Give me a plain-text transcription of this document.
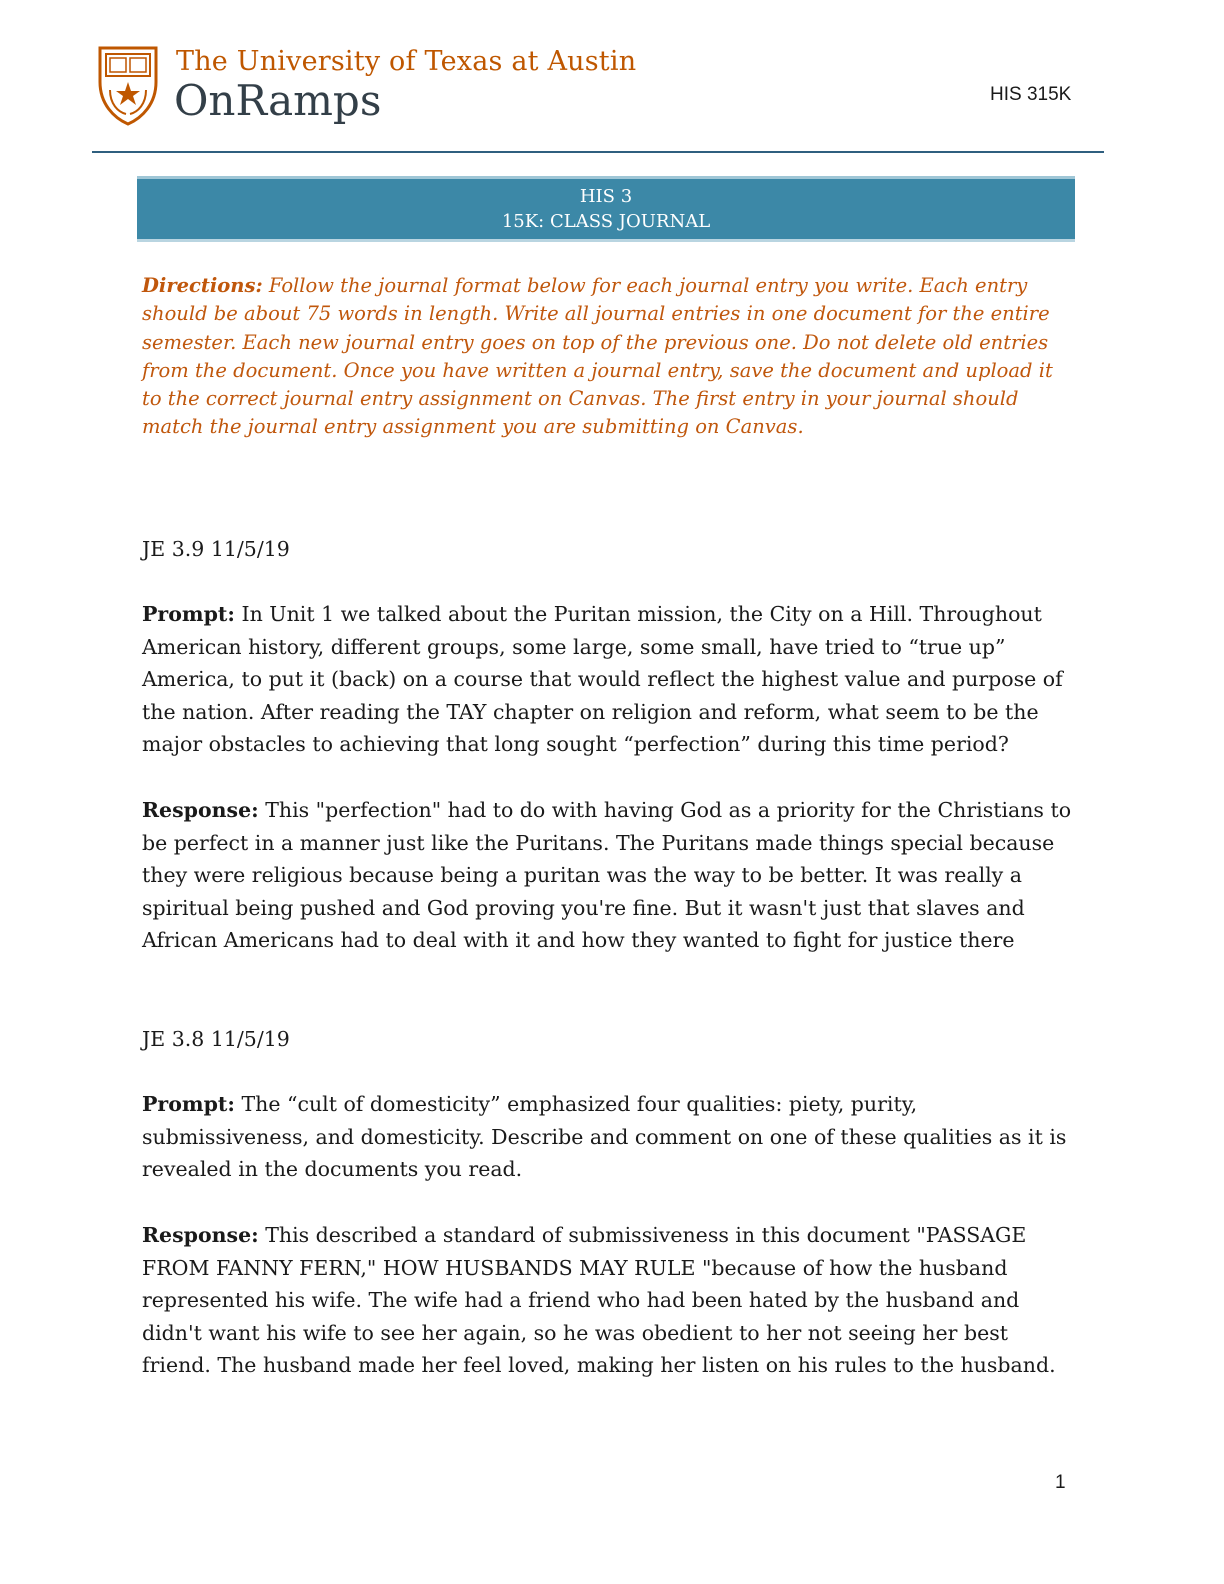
The University of Texas at Austin
OnRamps	HIS 315K
HIS 3
15K: CLASS JOURNAL
Directions: Follow the journal format below for each journal entry you write. Each entry should be about 75 words in length. Write all journal entries in one document for the entire semester. Each new journal entry goes on top of the previous one. Do not delete old entries from the document. Once you have written a journal entry, save the document and upload it to the correct journal entry assignment on Canvas. The first entry in your journal should match the journal entry assignment you are submitting on Canvas.
JE 3.9 11/5/19
Prompt: In Unit 1 we talked about the Puritan mission, the City on a Hill. Throughout American history, different groups, some large, some small, have tried to “true up” America, to put it (back) on a course that would reflect the highest value and purpose of the nation. After reading the TAY chapter on religion and reform, what seem to be the major obstacles to achieving that long sought “perfection” during this time period?
Response: This "perfection" had to do with having God as a priority for the Christians to be perfect in a manner just like the Puritans. The Puritans made things special because they were religious because being a puritan was the way to be better. It was really a spiritual being pushed and God proving you're fine. But it wasn't just that slaves and African Americans had to deal with it and how they wanted to fight for justice there
JE 3.8 11/5/19
Prompt: The “cult of domesticity” emphasized four qualities: piety, purity, submissiveness, and domesticity. Describe and comment on one of these qualities as it is revealed in the documents you read.
Response: This described a standard of submissiveness in this document "PASSAGE FROM FANNY FERN," HOW HUSBANDS MAY RULE "because of how the husband represented his wife. The wife had a friend who had been hated by the husband and didn't want his wife to see her again, so he was obedient to her not seeing her best friend. The husband made her feel loved, making her listen on his rules to the husband.
1
